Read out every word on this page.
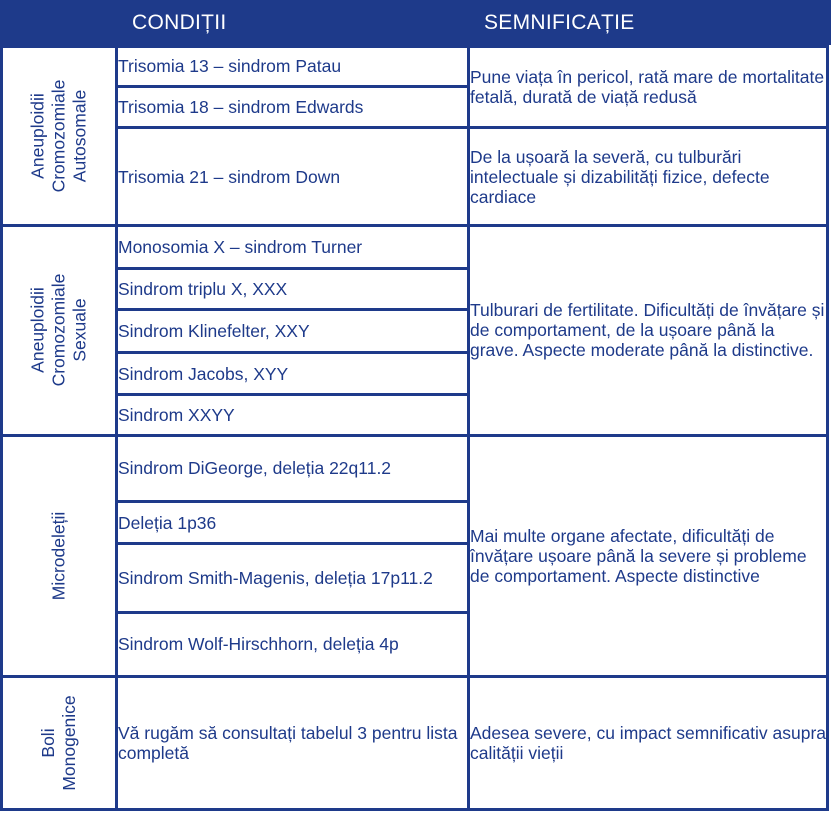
CONDIȚII	SEMNIFICAȚIE
Aneuploidii Cromozomiale Autosomale	Trisomia 13 – sindrom Patau	Pune viața în pericol, rată mare de mortalitate fetală, durată de viață redusă
	Trisomia 18 – sindrom Edwards	
	Trisomia 21 – sindrom Down	De la ușoară la severă, cu tulburări intelectuale și dizabilități fizice, defecte cardiace

Aneuploidii Cromozomiale Sexuale	Monosomia X – sindrom Turner	Tulburari de fertilitate. Dificultăți de învățare și de comportament, de la ușoare până la grave. Aspecte moderate până la distinctive.
	Sindrom triplu X, XXX	
	Sindrom Klinefelter, XXY	
	Sindrom Jacobs, XYY	
	Sindrom XXYY	

Microdeleții	Sindrom DiGeorge, deleția 22q11.2	Mai multe organe afectate, dificultăți de învățare ușoare până la severe și probleme de comportament. Aspecte distinctive
	Deleția 1p36	
	Sindrom Smith-Magenis, deleția 17p11.2	
	Sindrom Wolf-Hirschhorn, deleția 4p	

Boli Monogenice	Vă rugăm să consultați tabelul 3 pentru lista completă	Adesea severe, cu impact semnificativ asupra calității vieții
